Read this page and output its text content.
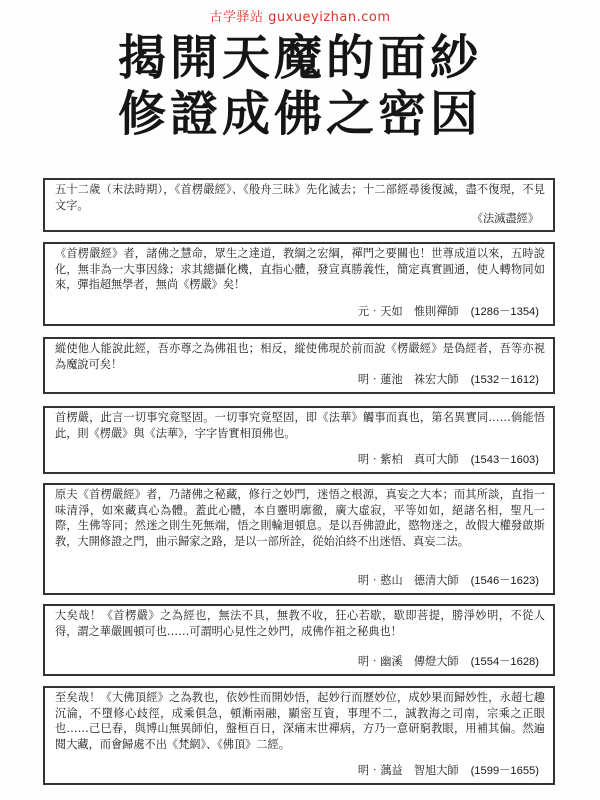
古学驿站 guxueyizhan.com
揭開天魔的面紗
修證成佛之密因

五十二歲（末法時期），《首楞嚴經》、《般舟三昧》先化滅去；十二部經尋後復滅，盡不復現，不見文字。

《法滅盡經》

《首楞嚴經》者，諸佛之慧命，眾生之達道，教綱之宏綱，禪門之要關也！世尊成道以來，五時說化，無非為一大事因緣；求其總攝化機，直指心體，發宣真勝義性，簡定真實圓通，使人轉物同如來，彈指超無學者，無尚《楞嚴》矣！

元‧天如　惟則禪師 (1286－1354)

縱使他人能說此經，吾亦尊之為佛祖也；相反，縱使佛現於前而說《楞嚴經》是偽經者，吾等亦視為魔說可矣！

明‧蓮池　袾宏大師 (1532－1612)

首楞嚴，此言一切事究竟堅固。一切事究竟堅固，即《法華》觸事而真也，第名異實同……倘能悟此，則《楞嚴》與《法華》，字字皆實相頂佛也。

明‧紫柏　真可大師 (1543－1603)

原夫《首楞嚴經》者，乃諸佛之秘藏，修行之妙門，迷悟之根源，真妄之大本；而其所談，直指一味清淨，如來藏真心為體。蓋此心體，本自靈明廓徹，廣大虛寂，平等如如，絕諸名相，聖凡一際，生佛等同；然迷之則生死無端，悟之則輪迴頓息。是以吾佛證此，愍物迷之，故假大權發啟斯教，大開修證之門，曲示歸家之路，是以一部所詮，從始泊終不出迷悟、真妄二法。

明‧憨山　德清大師 (1546－1623)

大矣哉！《首楞嚴》之為經也，無法不具，無教不收，狂心若歇，歇即菩提，勝淨妙明，不從人得，謂之華嚴圓頓可也……可謂明心見性之妙門，成佛作祖之秘典也！

明‧幽溪　傳燈大師 (1554－1628)

至矣哉！《大佛頂經》之為教也，依妙性而開妙悟，起妙行而歷妙位，成妙果而歸妙性，永超七趣沉淪，不墮修心歧徑，成乘俱急，頓漸兩融，顯密互資，事理不二，誠教海之司南，宗乘之正眼也……己巳春，與博山無異師伯，盤桓百日，深痛末世禪病，方乃一意研窮教眼，用補其偏。然遍閱大藏，而會歸處不出《梵網》、《佛頂》二經。

明‧蕅益　智旭大師 (1599－1655)
